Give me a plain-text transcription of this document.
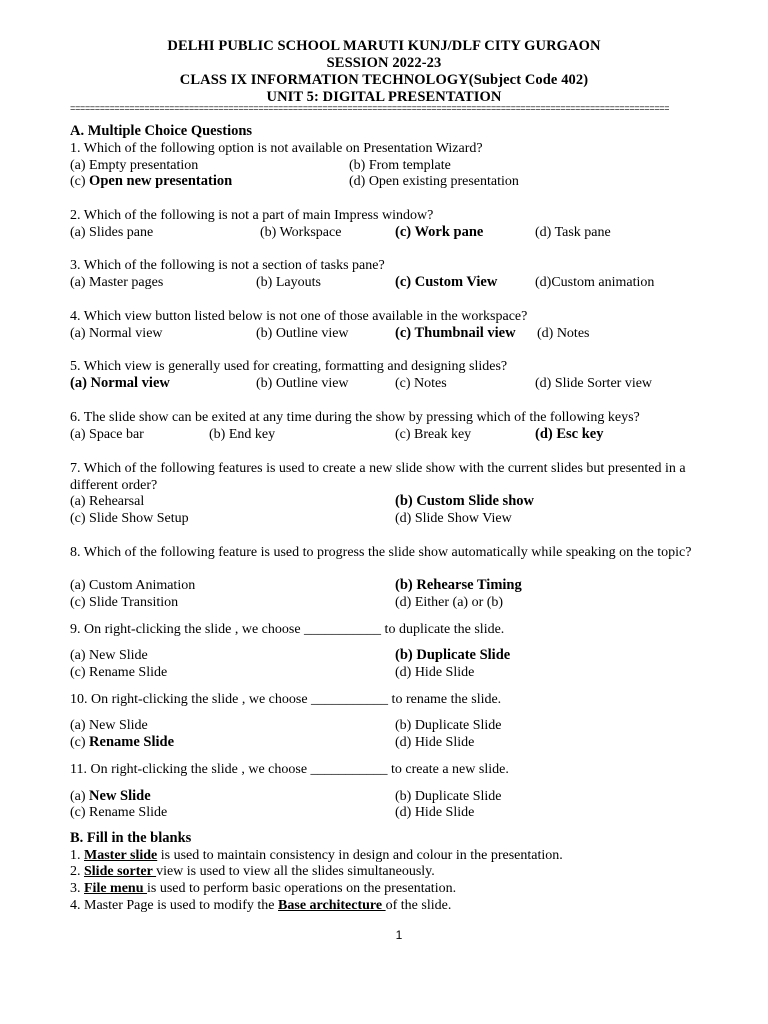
DELHI PUBLIC SCHOOL MARUTI KUNJ/DLF CITY GURGAON
SESSION 2022-23
CLASS IX INFORMATION TECHNOLOGY(Subject Code 402)
UNIT 5: DIGITAL PRESENTATION
=========================================================================================================================
A. Multiple Choice Questions
1. Which of the following option is not available on Presentation Wizard?
(a) Empty presentation	(b) From template
(c) Open new presentation	(d) Open existing presentation
2. Which of the following is not a part of main Impress window?
(a) Slides pane	(b) Workspace	(c) Work pane	(d) Task pane
3. Which of the following is not a section of tasks pane?
(a) Master pages	(b) Layouts	(c) Custom View	(d)Custom animation
4. Which view button listed below is not one of those available in the workspace?
(a) Normal view	(b) Outline view	(c) Thumbnail view (d) Notes
5. Which view is generally used for creating, formatting and designing slides?
(a) Normal view	(b) Outline view	(c) Notes	(d) Slide Sorter view
6. The slide show can be exited at any time during the show by pressing which of the following keys?
(a) Space bar	(b) End key	(c) Break key	(d) Esc key
7. Which of the following features is used to create a new slide show with the current slides but presented in a different order?
(a) Rehearsal	(b) Custom Slide show
(c) Slide Show Setup	(d) Slide Show View
8. Which of the following feature is used to progress the slide show automatically while speaking on the topic?
(a) Custom Animation	(b) Rehearse Timing
(c) Slide Transition	(d) Either (a) or (b)
9. On right-clicking the slide , we choose ___________ to duplicate the slide.
(a) New Slide	(b) Duplicate Slide
(c) Rename Slide	(d) Hide Slide
10. On right-clicking the slide , we choose ___________ to rename the slide.
(a) New Slide	(b) Duplicate Slide
(c) Rename Slide	(d) Hide Slide
11. On right-clicking the slide , we choose ___________ to create a new slide.
(a) New Slide	(b) Duplicate Slide
(c) Rename Slide	(d) Hide Slide
B. Fill in the blanks
1. Master slide is used to maintain consistency in design and colour in the presentation.
2. Slide sorter view is used to view all the slides simultaneously.
3. File menu is used to perform basic operations on the presentation.
4. Master Page is used to modify the Base architecture of the slide.
1
